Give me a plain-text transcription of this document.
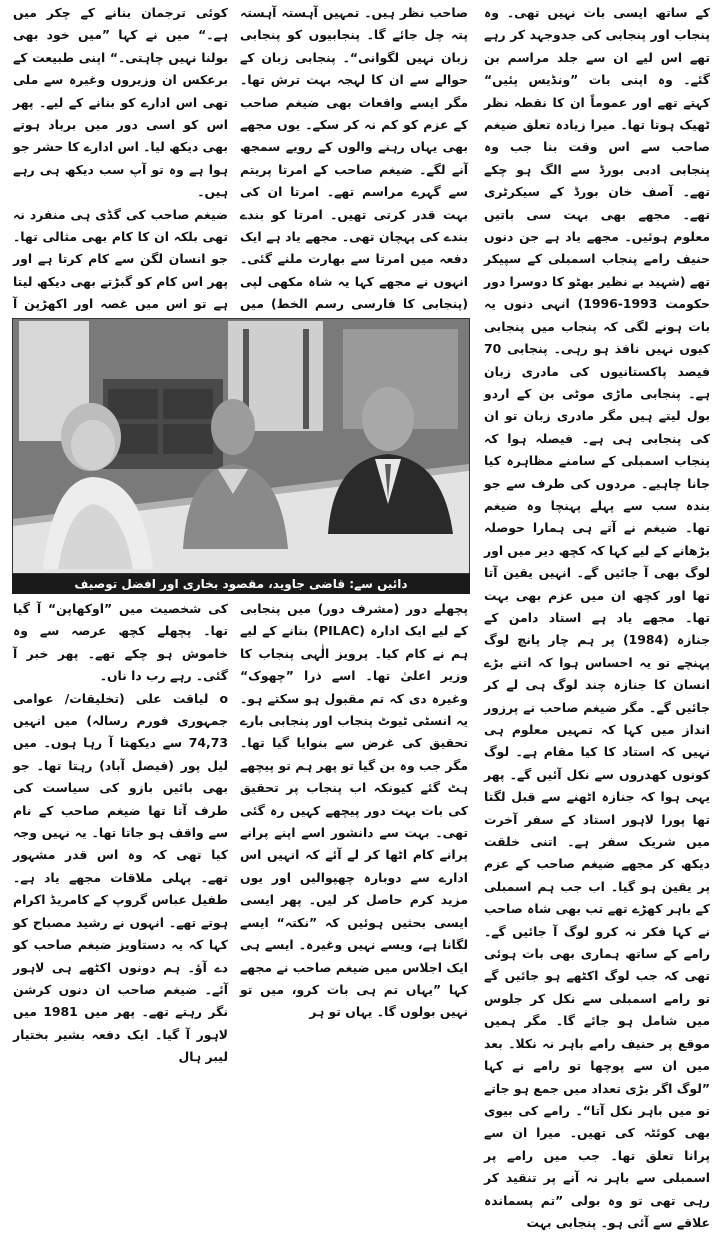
کے ساتھ ایسی بات نہیں تھی۔ وہ پنجاب اور پنجابی کی جدوجہد کر رہے تھے اس لیے ان سے جلد مراسم بن گئے۔ وہ اپنی بات ”ونڈیس پئیں“ کہتے تھے اور عموماً ان کا نقطہ نظر ٹھیک ہوتا تھا۔ میرا زیادہ تعلق ضیغم صاحب سے اس وقت بنا جب وہ پنجابی ادبی بورڈ سے الگ ہو چکے تھے۔ آصف خان بورڈ کے سیکرٹری تھے۔ مجھے بھی بہت سی باتیں معلوم ہوئیں۔ مجھے یاد ہے جن دنوں حنیف رامے پنجاب اسمبلی کے سپیکر تھے (شہید بے نظیر بھٹو کا دوسرا دور حکومت 1993-1996) انہی دنوں یہ بات ہونے لگی کہ پنجاب میں پنجابی کیوں نہیں نافذ ہو رہی۔ پنجابی 70 فیصد پاکستانیوں کی مادری زبان ہے۔ پنجابی ماڑی موٹی بن کے اردو بول لیتے ہیں مگر مادری زبان تو ان کی پنجابی ہی ہے۔ فیصلہ ہوا کہ پنجاب اسمبلی کے سامنے مظاہرہ کیا جانا چاہیے۔ مردوں کی طرف سے جو بندہ سب سے پہلے پہنچا وہ ضیغم تھا۔ ضیغم نے آتے ہی ہمارا حوصلہ بڑھانے کے لیے کہا کہ کچھ دیر میں اور لوگ بھی آ جائیں گے۔ انہیں یقین آتا تھا اور کچھ ان میں عزم بھی بہت تھا۔ مجھے یاد ہے استاد دامن کے جنازہ (1984) پر ہم چار پانچ لوگ پہنچے تو یہ احساس ہوا کہ اتنے بڑے انسان کا جنازہ چند لوگ ہی لے کر جائیں گے۔ مگر ضیغم صاحب نے پرزور انداز میں کہا کہ تمہیں معلوم ہی نہیں کہ استاد کا کیا مقام ہے۔ لوگ کونوں کھدروں سے نکل آئیں گے۔ پھر یہی ہوا کہ جنازہ اٹھنے سے قبل لگتا تھا پورا لاہور استاد کے سفر آخرت میں شریک سفر ہے۔ اتنی خلقت دیکھ کر مجھے ضیغم صاحب کے عزم پر یقین ہو گیا۔ اب جب ہم اسمبلی کے باہر کھڑے تھے تب بھی شاہ صاحب نے کہا فکر نہ کرو لوگ آ جائیں گے۔ رامے کے ساتھ ہماری بھی بات ہوئی تھی کہ جب لوگ اکٹھے ہو جائیں گے تو رامے اسمبلی سے نکل کر جلوس میں شامل ہو جائے گا۔ مگر ہمیں موقع پر حنیف رامے باہر نہ نکلا۔ بعد میں ان سے پوچھا تو رامے نے کہا ”لوگ اگر بڑی تعداد میں جمع ہو جاتے تو میں باہر نکل آتا“۔ رامے کی بیوی بھی کوئٹہ کی تھیں۔ میرا ان سے پرانا تعلق تھا۔ جب میں رامے پر اسمبلی سے باہر نہ آنے پر تنقید کر رہی تھی تو وہ بولی ”تم پسماندہ علاقے سے آئی ہو۔ پنجابی بہت

صاحب نظر ہیں۔ تمہیں آہستہ آہستہ پتہ چل جائے گا۔ پنجابیوں کو پنجابی زبان نہیں لگوانی“۔ پنجابی زبان کے حوالے سے ان کا لہجہ بہت ترش تھا۔ مگر ایسے واقعات بھی ضیغم صاحب کے عزم کو کم نہ کر سکے۔ یوں مجھے بھی یہاں رہنے والوں کے رویے سمجھ آنے لگے۔ ضیغم صاحب کے امرتا پریتم سے گہرے مراسم تھے۔ امرتا ان کی بہت قدر کرتی تھیں۔ امرتا کو بندے بندے کی پہچان تھی۔ مجھے یاد ہے ایک دفعہ میں امرتا سے بھارت ملنے گئی۔ انہوں نے مجھے کہا یہ شاہ مکھی لپی (پنجابی کا فارسی رسم الخط) میں

کوئی ترجمان بنانے کے چکر میں ہے۔“ میں نے کہا ”میں خود بھی بولنا نہیں چاہتی۔“ اپنی طبیعت کے برعکس ان وزیروں وغیرہ سے ملی تھی اس ادارے کو بنانے کے لیے۔ پھر اس کو اسی دور میں برباد ہوتے بھی دیکھ لیا۔ اس ادارے کا حشر جو ہوا ہے وہ تو آپ سب دیکھ ہی رہے ہیں۔

ضیغم صاحب کی گڈی ہی منفرد نہ تھی بلکہ ان کا کام بھی مثالی تھا۔ جو انسان لگن سے کام کرتا ہے اور پھر اس کام کو گبڑتے بھی دیکھ لیتا ہے تو اس میں غصہ اور اکھڑپن آ

دائیں سے: قاضی جاوید، مقصود بخاری اور افضل توصیف

پچھلے دور (مشرف دور) میں پنجابی کے لیے ایک ادارہ (PILAC) بنانے کے لیے ہم نے کام کیا۔ پرویز الٰہی پنجاب کا وزیر اعلیٰ تھا۔ اسے ذرا ”چھوک“ وغیرہ دی کہ تم مقبول ہو سکتے ہو۔ یہ انسٹی ٹیوٹ پنجاب اور پنجابی بارے تحقیق کی غرض سے بنوایا گیا تھا۔ مگر جب وہ بن گیا تو پھر ہم تو پیچھے ہٹ گئے کیونکہ اب پنجاب پر تحقیق کی بات بہت دور پیچھے کہیں رہ گئی تھی۔ بہت سے دانشور اسے اپنے پرانے پرانے کام اٹھا کر لے آئے کہ انہیں اس ادارے سے دوبارہ چھپوالیں اور یوں مزید کرم حاصل کر لیں۔ پھر ایسی ایسی بحثیں ہوئیں کہ ”نکتہ“ ایسے لگانا ہے، ویسے نہیں وغیرہ۔ ایسے ہی ایک اجلاس میں ضیغم صاحب نے مجھے کہا ”یہاں تم ہی بات کرو، میں تو نہیں بولوں گا۔ یہاں تو ہر

کی شخصیت میں ”اوکھاپن“ آ گیا تھا۔ پچھلے کچھ عرصہ سے وہ خاموش ہو چکے تھے۔ پھر خبر آ گئی۔ رہے رب دا ناں۔

o لیاقت علی (تخلیقات/ عوامی جمہوری فورم رسالہ) میں انہیں 74,73 سے دیکھتا آ رہا ہوں۔ میں لیل پور (فیصل آباد) رہتا تھا۔ جو بھی بائیں بازو کی سیاست کی طرف آتا تھا ضیغم صاحب کے نام سے واقف ہو جاتا تھا۔ یہ نہیں وجہ کیا تھی کہ وہ اس قدر مشہور تھے۔ پہلی ملاقات مجھے یاد ہے۔ طفیل عباس گروپ کے کامریڈ اکرام ہوتے تھے۔ انہوں نے رشید مصباح کو کہا کہ یہ دستاویز ضیغم صاحب کو دے آؤ۔ ہم دونوں اکٹھے ہی لاہور آئے۔ ضیغم صاحب ان دنوں کرشن نگر رہتے تھے۔ پھر میں 1981 میں لاہور آ گیا۔ ایک دفعہ بشیر بختیار لیبر ہال
